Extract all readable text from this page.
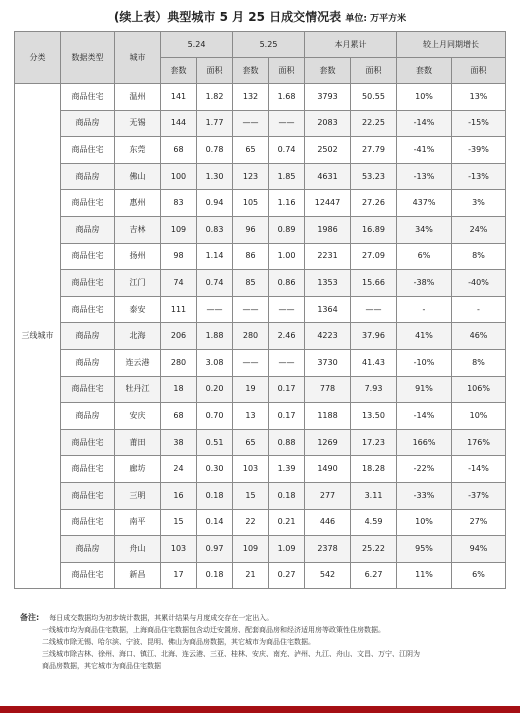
(续上表）典型城市 5 月 25 日成交情况表 单位: 万平方米
分类	数据类型	城市	5.24		5.25		本月累计		较上月同期增长	
			套数	面积	套数	面积	套数	面积	套数	面积
三线城市	商品住宅	温州	141	1.82	132	1.68	3793	50.55	10%	13%
	商品房	无锡	144	1.77	——	——	2083	22.25	-14%	-15%
	商品住宅	东莞	68	0.78	65	0.74	2502	27.79	-41%	-39%
	商品房	佛山	100	1.30	123	1.85	4631	53.23	-13%	-13%
	商品住宅	惠州	83	0.94	105	1.16	12447	27.26	437%	3%
	商品房	吉林	109	0.83	96	0.89	1986	16.89	34%	24%
	商品住宅	扬州	98	1.14	86	1.00	2231	27.09	6%	8%
	商品住宅	江门	74	0.74	85	0.86	1353	15.66	-38%	-40%
	商品住宅	泰安	111	——	——	——	1364	——	-	-
	商品房	北海	206	1.88	280	2.46	4223	37.96	41%	46%
	商品房	连云港	280	3.08	——	——	3730	41.43	-10%	8%
	商品住宅	牡丹江	18	0.20	19	0.17	778	7.93	91%	106%
	商品房	安庆	68	0.70	13	0.17	1188	13.50	-14%	10%
	商品住宅	莆田	38	0.51	65	0.88	1269	17.23	166%	176%
	商品住宅	廊坊	24	0.30	103	1.39	1490	18.28	-22%	-14%
	商品住宅	三明	16	0.18	15	0.18	277	3.11	-33%	-37%
	商品住宅	南平	15	0.14	22	0.21	446	4.59	10%	27%
	商品房	舟山	103	0.97	109	1.09	2378	25.22	95%	94%
	商品住宅	新昌	17	0.18	21	0.27	542	6.27	11%	6%
备注: 每日成交数据均为初步统计数据，其累计结果与月度成交存在一定出入。
一线城市均为商品住宅数据，上海商品住宅数据包含动迁安置房、配套商品房和经济适用房等政策性住房数据。
二线城市除无锡、哈尔滨、宁波、昆明、佛山为商品房数据，其它城市为商品住宅数据。
三线城市除吉林、徐州、海口、镇江、北海、连云港、三亚、桂林、安庆、南充、泸州、九江、舟山、文昌、万宁、江阴为
商品房数据，其它城市为商品住宅数据
